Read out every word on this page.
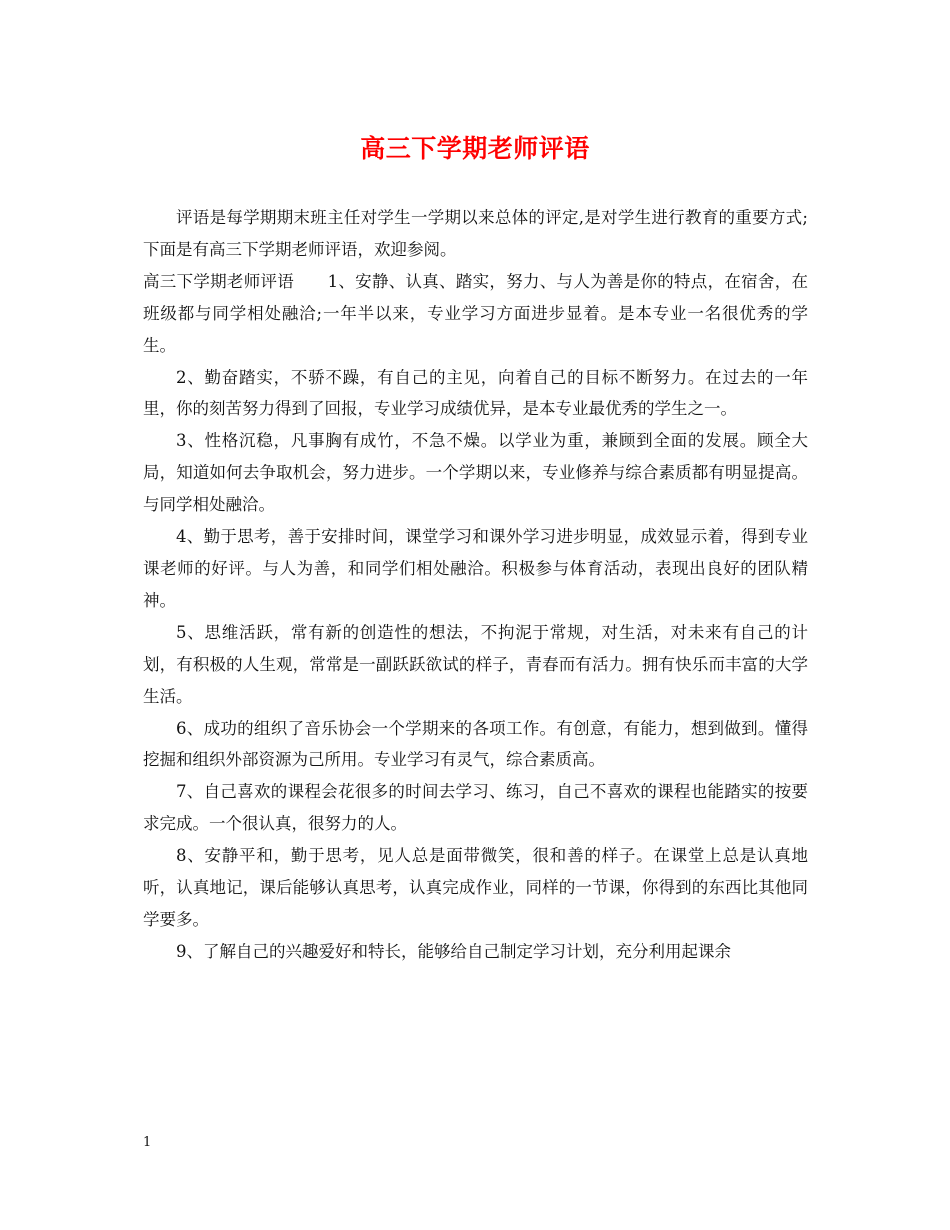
高三下学期老师评语

评语是每学期期末班主任对学生一学期以来总体的评定,是对学生进行教育的重要方式;下面是有高三下学期老师评语，欢迎参阅。

高三下学期老师评语　　1、安静、认真、踏实，努力、与人为善是你的特点，在宿舍，在班级都与同学相处融洽;一年半以来，专业学习方面进步显着。是本专业一名很优秀的学生。

2、勤奋踏实，不骄不躁，有自己的主见，向着自己的目标不断努力。在过去的一年里，你的刻苦努力得到了回报，专业学习成绩优异，是本专业最优秀的学生之一。

3、性格沉稳，凡事胸有成竹，不急不燥。以学业为重，兼顾到全面的发展。顾全大局，知道如何去争取机会，努力进步。一个学期以来，专业修养与综合素质都有明显提高。与同学相处融洽。

4、勤于思考，善于安排时间，课堂学习和课外学习进步明显，成效显示着，得到专业课老师的好评。与人为善，和同学们相处融洽。积极参与体育活动，表现出良好的团队精神。

5、思维活跃，常有新的创造性的想法，不拘泥于常规，对生活，对未来有自己的计划，有积极的人生观，常常是一副跃跃欲试的样子，青春而有活力。拥有快乐而丰富的大学生活。

6、成功的组织了音乐协会一个学期来的各项工作。有创意，有能力，想到做到。懂得挖掘和组织外部资源为己所用。专业学习有灵气，综合素质高。

7、自己喜欢的课程会花很多的时间去学习、练习，自己不喜欢的课程也能踏实的按要求完成。一个很认真，很努力的人。

8、安静平和，勤于思考，见人总是面带微笑，很和善的样子。在课堂上总是认真地听，认真地记，课后能够认真思考，认真完成作业，同样的一节课，你得到的东西比其他同学要多。

9、了解自己的兴趣爱好和特长，能够给自己制定学习计划，充分利用起课余

1
